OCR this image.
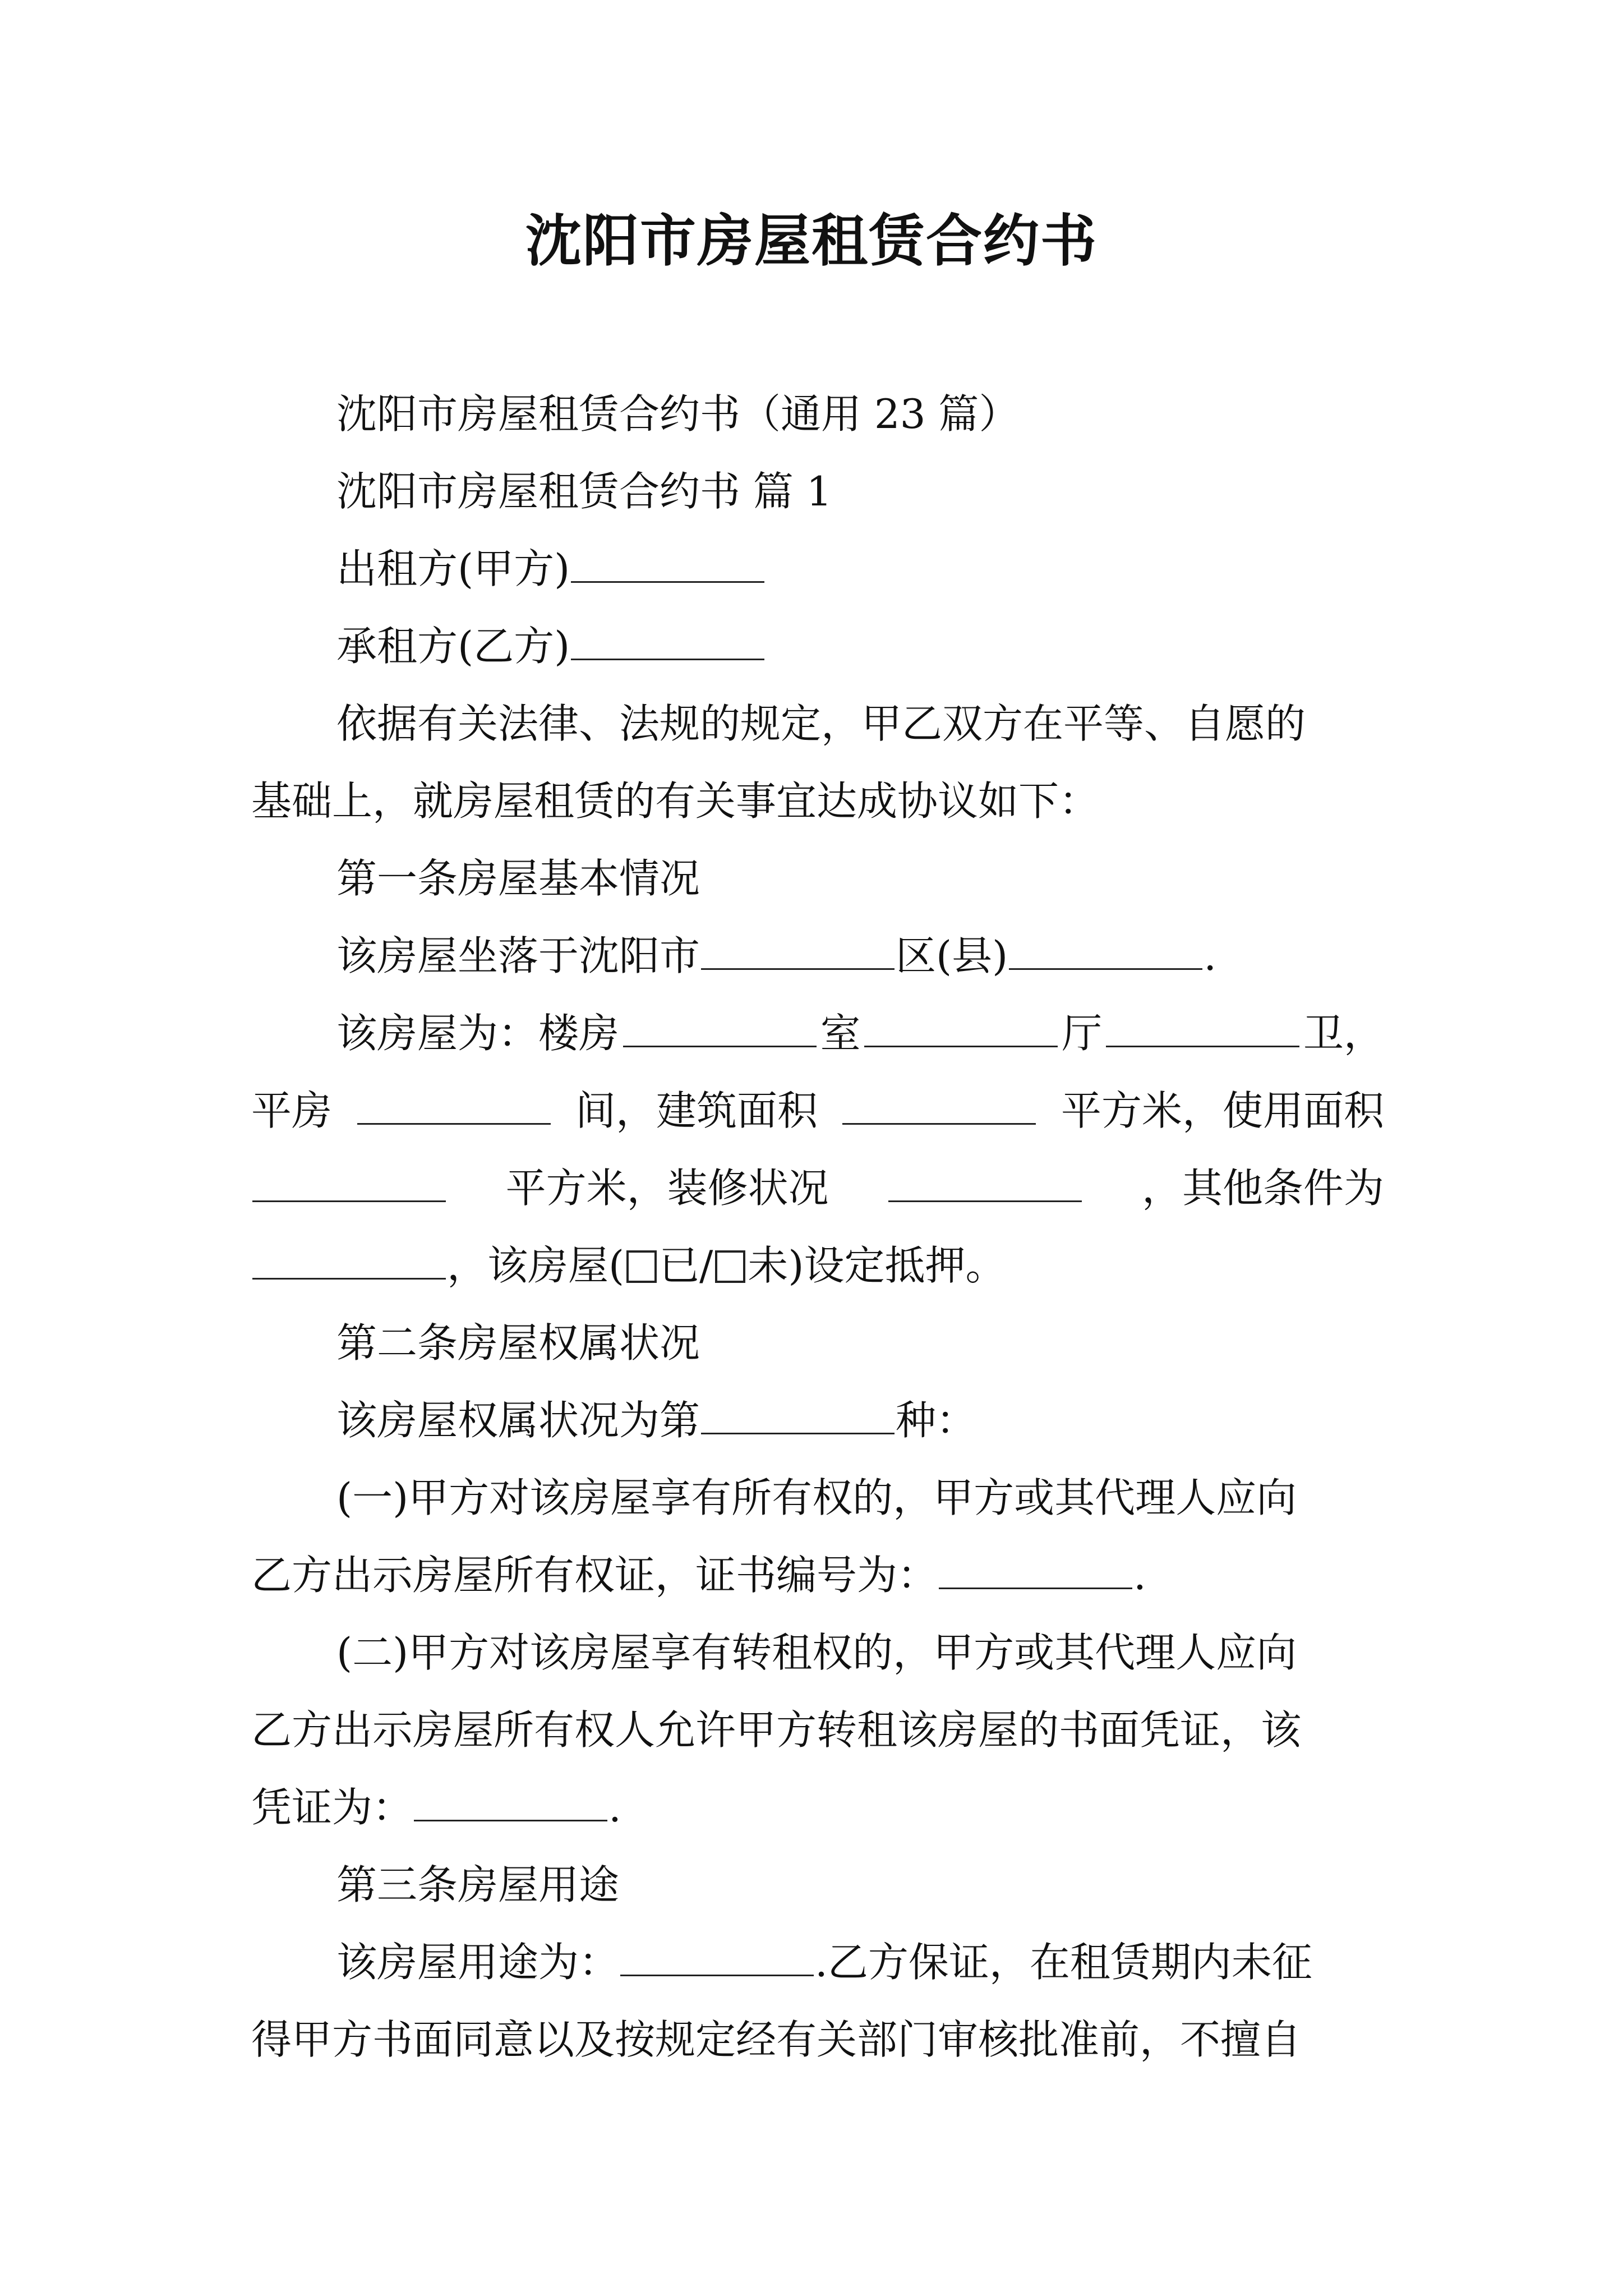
沈阳市房屋租赁合约书
沈阳市房屋租赁合约书（通用 23 篇）
沈阳市房屋租赁合约书 篇 1
出租方(甲方)
承租方(乙方)
依据有关法律、法规的规定，甲乙双方在平等、自愿的
基础上，就房屋租赁的有关事宜达成协议如下：
第一条房屋基本情况
该房屋坐落于沈阳市	区(县)	.
该房屋为：楼房	室	厅	卫，
平房	间，建筑面积	平方米，使用面积
平方米，装修状况	，其他条件为
，该房屋( 已/ 未)设定抵押。
第二条房屋权属状况
该房屋权属状况为第	种：
(一)甲方对该房屋享有所有权的，甲方或其代理人应向
乙方出示房屋所有权证，证书编号为：	.
(二)甲方对该房屋享有转租权的，甲方或其代理人应向
乙方出示房屋所有权人允许甲方转租该房屋的书面凭证，该
凭证为：	.
第三条房屋用途
该房屋用途为：	.乙方保证，在租赁期内未征
得甲方书面同意以及按规定经有关部门审核批准前，不擅自
